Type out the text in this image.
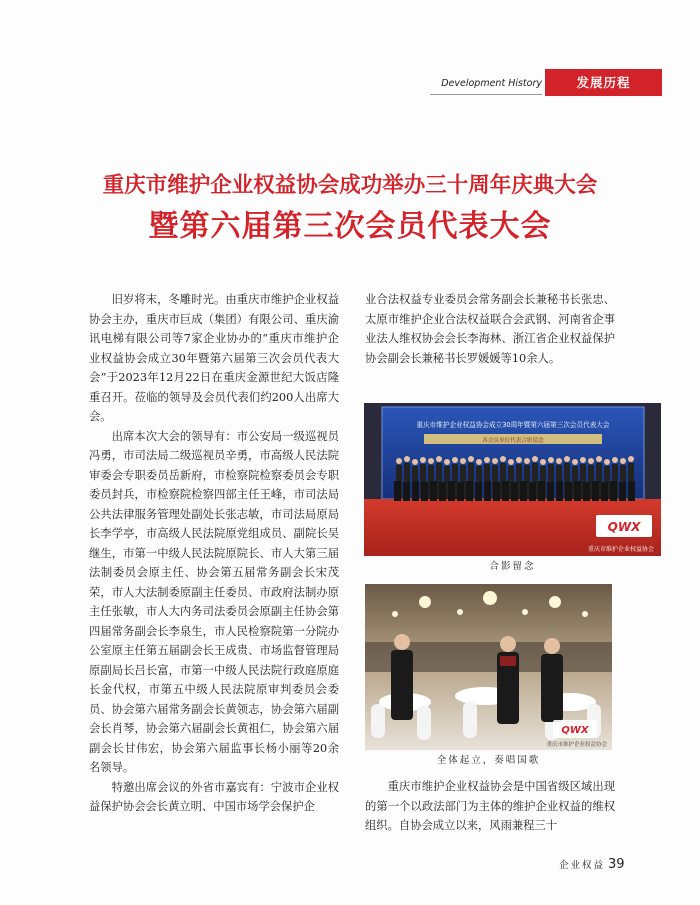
Development History	发展历程
重庆市维护企业权益协会成功举办三十周年庆典大会
暨第六届第三次会员代表大会

旧岁将末，冬雕时光。由重庆市维护企业权益协会主办，重庆市巨成（集团）有限公司、重庆渝讯电梯有限公司等7家企业协办的“重庆市维护企业权益协会成立30年暨第六届第三次会员代表大会”于2023年12月22日在重庆金源世纪大饭店隆重召开。莅临的领导及会员代表们约200人出席大会。

出席本次大会的领导有：市公安局一级巡视员冯勇，市司法局二级巡视员辛勇，市高级人民法院审委会专职委员岳新府，市检察院检察委员会专职委员封兵，市检察院检察四部主任王峰，市司法局公共法律服务管理处副处长张志敏，市司法局原局长李学亭，市高级人民法院原党组成员、副院长吴继生，市第一中级人民法院原院长、市人大第三届法制委员会原主任、协会第五届常务副会长宋茂荣，市人大法制委原副主任委员、市政府法制办原主任张敏，市人大内务司法委员会原副主任协会第四届常务副会长李泉生，市人民检察院第一分院办公室原主任第五届副会长王成贵、市场监督管理局原副局长吕长富，市第一中级人民法院行政庭原庭长金代权，市第五中级人民法院原审判委员会委员、协会第六届常务副会长黄领志，协会第六届副会长肖琴，协会第六届副会长黄祖仁，协会第六届副会长甘伟宏，协会第六届监事长杨小丽等20余名领导。

特邀出席会议的外省市嘉宾有：宁波市企业权益保护协会会长黄立明、中国市场学会保护企

业合法权益专业委员会常务副会长兼秘书长张忠、太原市维护企业合法权益联合会武钢、河南省企事业法人维权协会会长李海林、浙江省企业权益保护协会副会长兼秘书长罗媛媛等10余人。

重庆市维护企业权益协会成立30周年暨第六届第三次会员代表大会
各会员单位代表合影留念
QWX
重庆市维护企业权益协会
合影留念
QWX
重庆市维护企业权益协会
全体起立，奏唱国歌

重庆市维护企业权益协会是中国省级区域出现的第一个以政法部门为主体的维护企业权益的维权组织。自协会成立以来，风雨兼程三十

企业权益 39
